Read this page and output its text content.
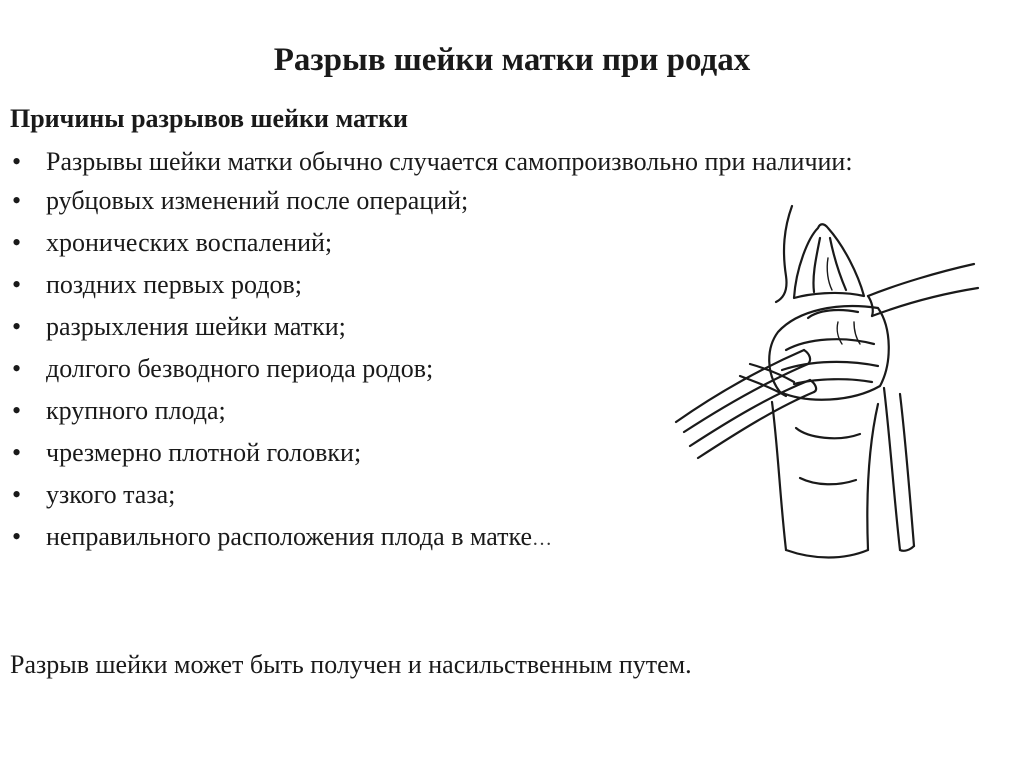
Разрыв шейки матки при родах
Причины разрывов шейки матки
• Разрывы шейки матки обычно случается самопроизвольно при наличии:
• рубцовых изменений после операций;
• хронических воспалений;
• поздних первых родов;
• разрыхления шейки матки;
• долгого безводного периода родов;
• крупного плода;
• чрезмерно плотной головки;
• узкого таза;
• неправильного расположения плода в матке…
Разрыв шейки может быть получен и насильственным путем.
